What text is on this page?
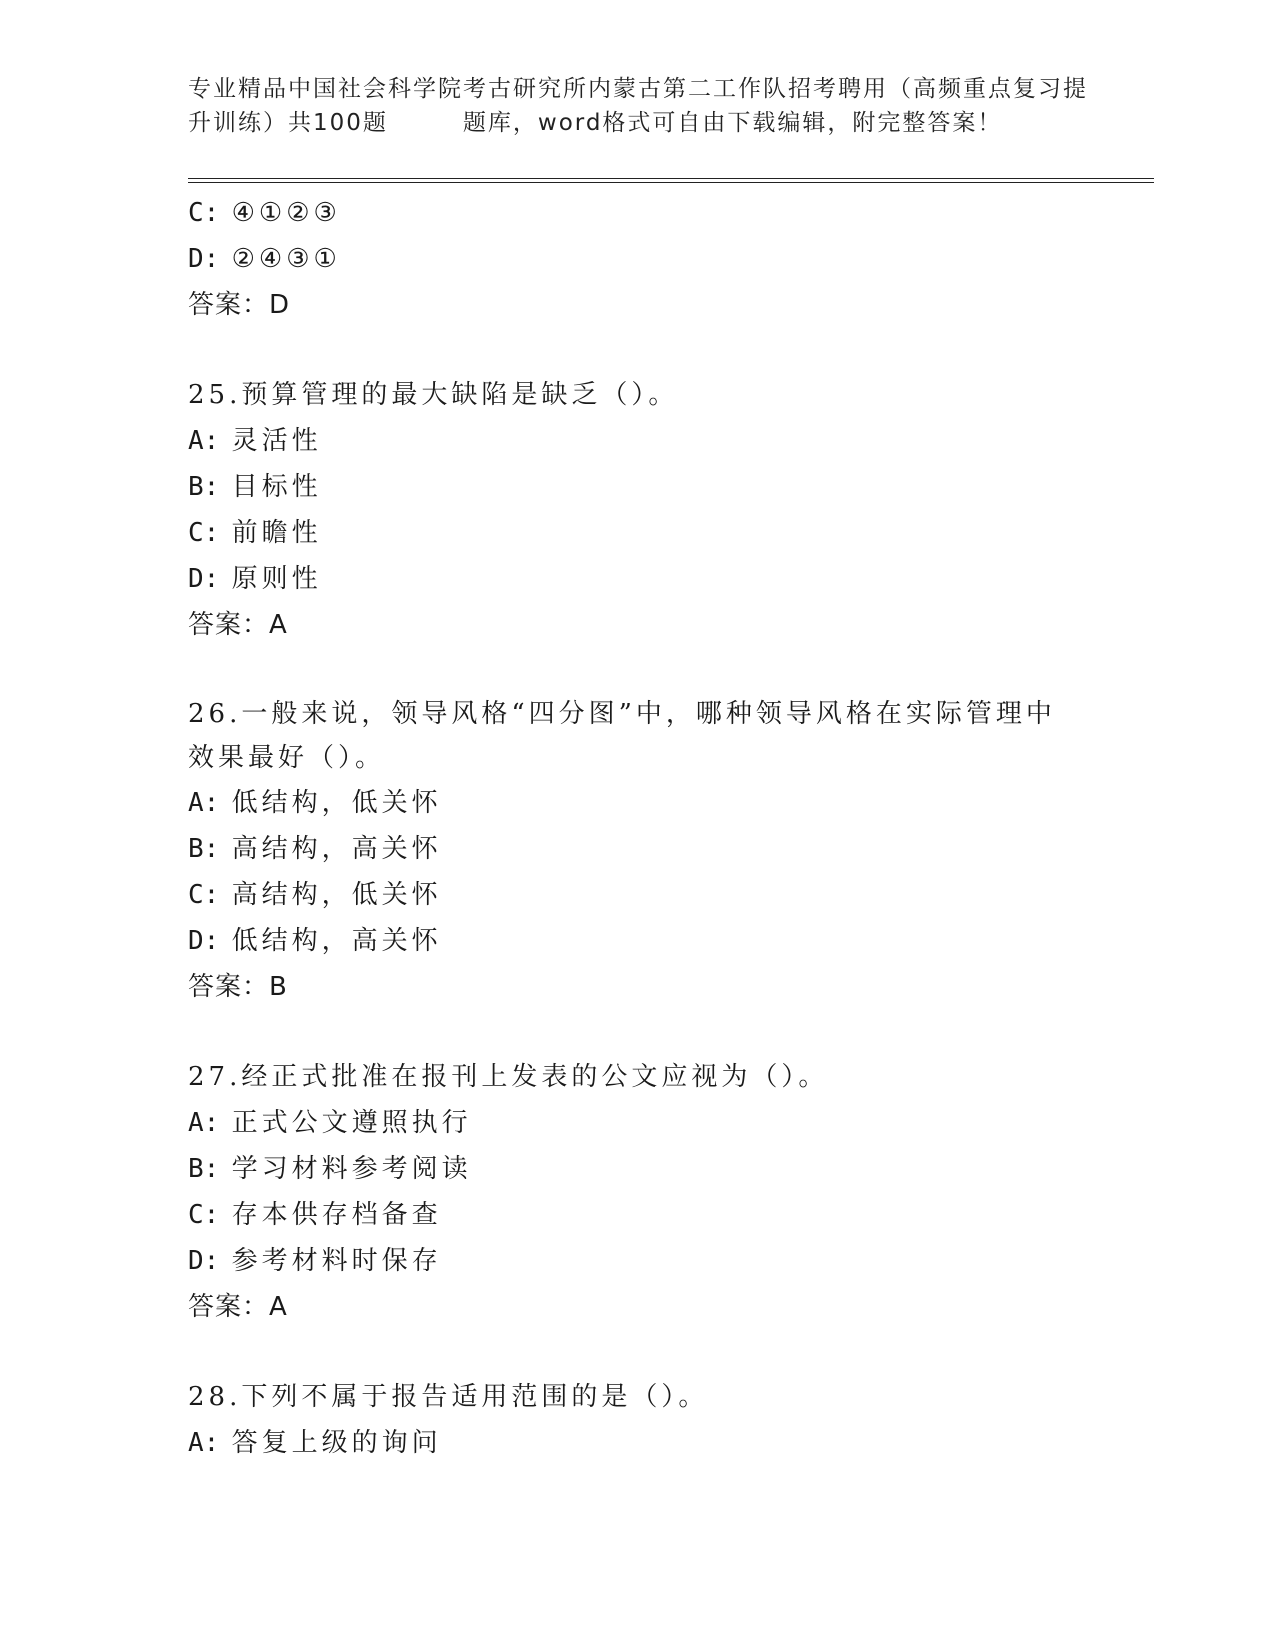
专业精品中国社会科学院考古研究所内蒙古第二工作队招考聘用（高频重点复习提
升训练）共100题　　　题库，word格式可自由下载编辑，附完整答案！
C: ④①②③
D: ②④③①
答案：D
25.预算管理的最大缺陷是缺乏（）。
A: 灵活性
B: 目标性
C: 前瞻性
D: 原则性
答案：A
26.一般来说，领导风格“四分图”中，哪种领导风格在实际管理中效果最好（）。
A: 低结构，低关怀
B: 高结构，高关怀
C: 高结构，低关怀
D: 低结构，高关怀
答案：B
27.经正式批准在报刊上发表的公文应视为（）。
A: 正式公文遵照执行
B: 学习材料参考阅读
C: 存本供存档备查
D: 参考材料时保存
答案：A
28.下列不属于报告适用范围的是（）。
A: 答复上级的询问
